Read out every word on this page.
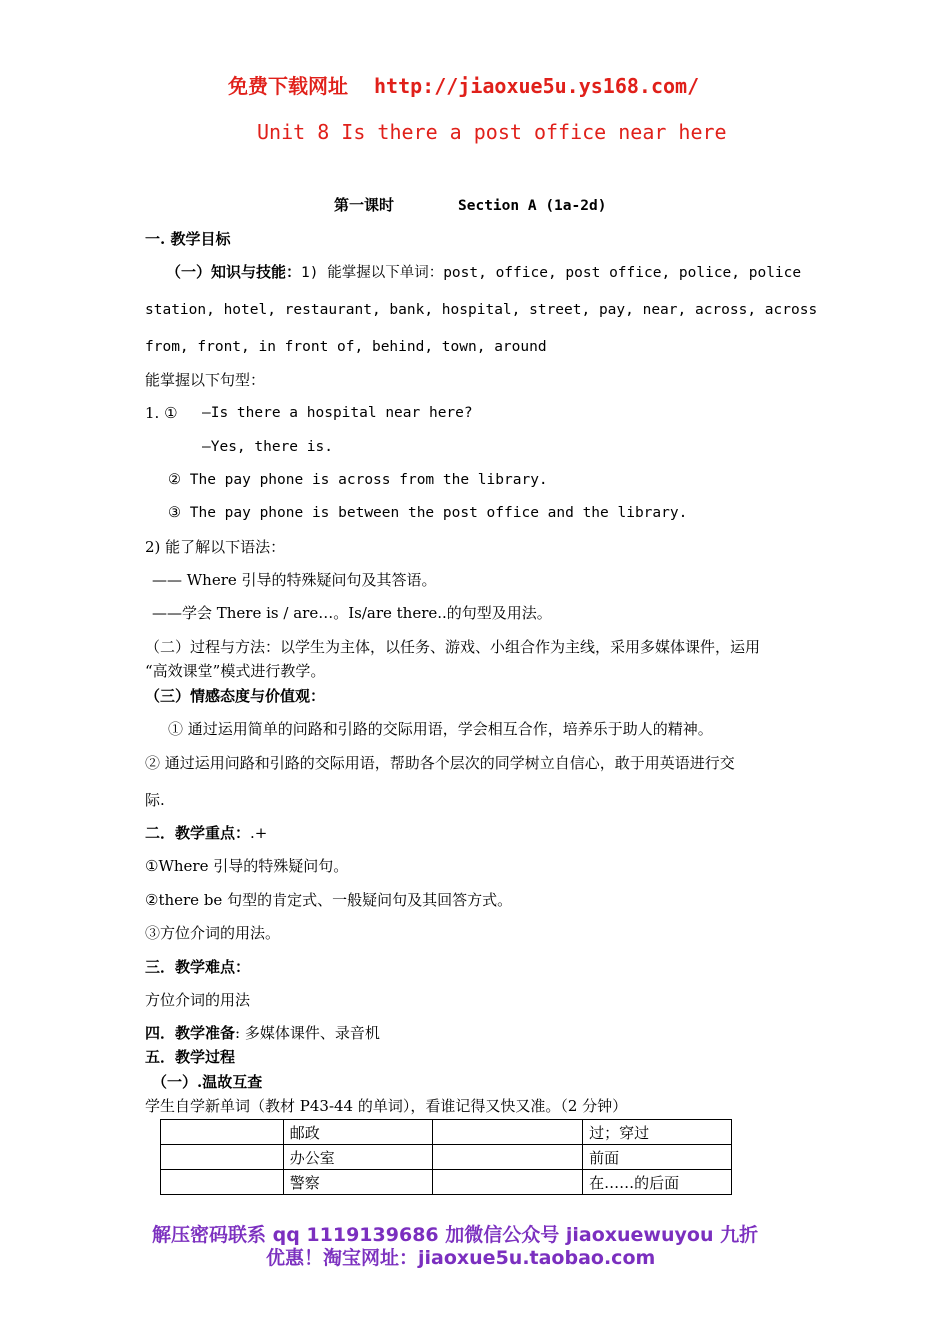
免费下载网址 http://jiaoxue5u.ys168.com/
Unit 8 Is there a post office near here
第一课时	Section A (1a-2d)
一. 教学目标
（一）知识与技能：1) 能掌握以下单词：post, office, post office, police, police
station, hotel, restaurant, bank, hospital, street, pay, near, across, across
from, front, in front of, behind, town, around
能掌握以下句型：
1. ① —Is there a hospital near here?
—Yes, there is.
② The pay phone is across from the library.
③ The pay phone is between the post office and the library.
2) 能了解以下语法：
—— Where 引导的特殊疑问句及其答语。
——学会 There is / are…。Is/are there..的句型及用法。
（二）过程与方法：以学生为主体，以任务、游戏、小组合作为主线，采用多媒体课件，运用
“高效课堂”模式进行教学。
（三）情感态度与价值观：
① 通过运用简单的问路和引路的交际用语，学会相互合作，培养乐于助人的精神。
② 通过运用问路和引路的交际用语，帮助各个层次的同学树立自信心，敢于用英语进行交
际.
二．教学重点：.+
①Where 引导的特殊疑问句。
②there be 句型的肯定式、一般疑问句及其回答方式。
③方位介词的用法。
三．教学难点：
方位介词的用法
四．教学准备: 多媒体课件、录音机
五．教学过程
（一）.温故互查
学生自学新单词（教材 P43-44 的单词），看谁记得又快又准。（2 分钟）
	邮政		过；穿过
	办公室		前面
	警察		在……的后面
解压密码联系 qq 1119139686 加微信公众号 jiaoxuewuyou 九折
优惠！淘宝网址：jiaoxue5u.taobao.com
